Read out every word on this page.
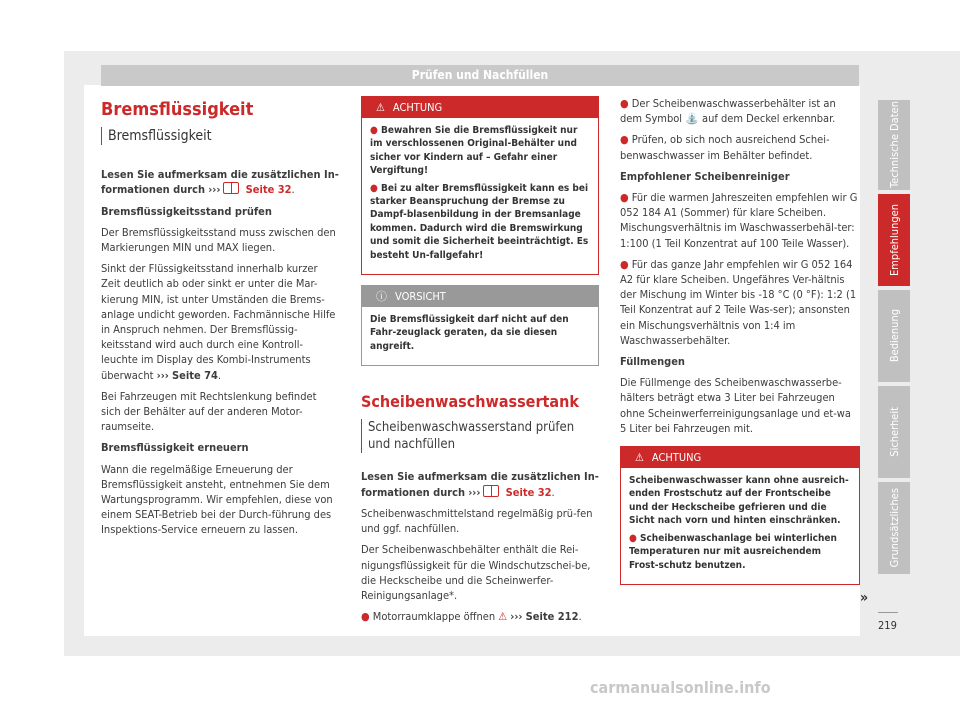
Prüfen und Nachfüllen
Bremsflüssigkeit
Bremsflüssigkeit

Lesen Sie aufmerksam die zusätzlichen In-formationen durch ››› Seite 32.

Bremsflüssigkeitsstand prüfen

Der Bremsflüssigkeitsstand muss zwischen den Markierungen MIN und MAX liegen.

Sinkt der Flüssigkeitsstand innerhalb kurzer Zeit deutlich ab oder sinkt er unter die Mar-kierung MIN, ist unter Umständen die Brems-anlage undicht geworden. Fachmännische Hilfe in Anspruch nehmen. Der Bremsflüssig-keitsstand wird auch durch eine Kontroll-leuchte im Display des Kombi-Instruments überwacht ››› Seite 74.

Bei Fahrzeugen mit Rechtslenkung befindet sich der Behälter auf der anderen Motor-raumseite.

Bremsflüssigkeit erneuern

Wann die regelmäßige Erneuerung der Bremsflüssigkeit ansteht, entnehmen Sie dem Wartungsprogramm. Wir empfehlen, diese von einem SEAT-Betrieb bei der Durch-führung des Inspektions-Service erneuern zu lassen.

⚠ ACHTUNG

● Bewahren Sie die Bremsflüssigkeit nur im verschlossenen Original-Behälter und sicher vor Kindern auf – Gefahr einer Vergiftung!

● Bei zu alter Bremsflüssigkeit kann es bei starker Beanspruchung der Bremse zu Dampf-blasenbildung in der Bremsanlage kommen. Dadurch wird die Bremswirkung und somit die Sicherheit beeinträchtigt. Es besteht Un-fallgefahr!

ⓘ VORSICHT

Die Bremsflüssigkeit darf nicht auf den Fahr-zeuglack geraten, da sie diesen angreift.

Scheibenwaschwassertank
Scheibenwaschwasserstand prüfen und nachfüllen

Lesen Sie aufmerksam die zusätzlichen In-formationen durch ››› Seite 32.

Scheibenwaschmittelstand regelmäßig prü-fen und ggf. nachfüllen.

Der Scheibenwaschbehälter enthält die Rei-nigungsflüssigkeit für die Windschutzschei-be, die Heckscheibe und die Scheinwerfer-Reinigungsanlage*.

● Motorraumklappe öffnen ⚠ ››› Seite 212.

● Der Scheibenwaschwasserbehälter ist an dem Symbol ⛲ auf dem Deckel erkennbar.

● Prüfen, ob sich noch ausreichend Schei-benwaschwasser im Behälter befindet.

Empfohlener Scheibenreiniger

● Für die warmen Jahreszeiten empfehlen wir G 052 184 A1 (Sommer) für klare Scheiben. Mischungsverhältnis im Waschwasserbehäl-ter: 1:100 (1 Teil Konzentrat auf 100 Teile Wasser).

● Für das ganze Jahr empfehlen wir G 052 164 A2 für klare Scheiben. Ungefähres Ver-hältnis der Mischung im Winter bis -18 °C (0 °F): 1:2 (1 Teil Konzentrat auf 2 Teile Was-ser); ansonsten ein Mischungsverhältnis von 1:4 im Waschwasserbehälter.

Füllmengen

Die Füllmenge des Scheibenwaschwasserbe-hälters beträgt etwa 3 Liter bei Fahrzeugen ohne Scheinwerferreinigungsanlage und et-wa 5 Liter bei Fahrzeugen mit.

⚠ ACHTUNG

Scheibenwaschwasser kann ohne ausreich-enden Frostschutz auf der Frontscheibe und der Heckscheibe gefrieren und die Sicht nach vorn und hinten einschränken.

● Scheibenwaschanlage bei winterlichen Temperaturen nur mit ausreichendem Frost-schutz benutzen.

»
Technische Daten
Empfehlungen
Bedienung
Sicherheit
Grundsätzliches
219
carmanualsonline.info
